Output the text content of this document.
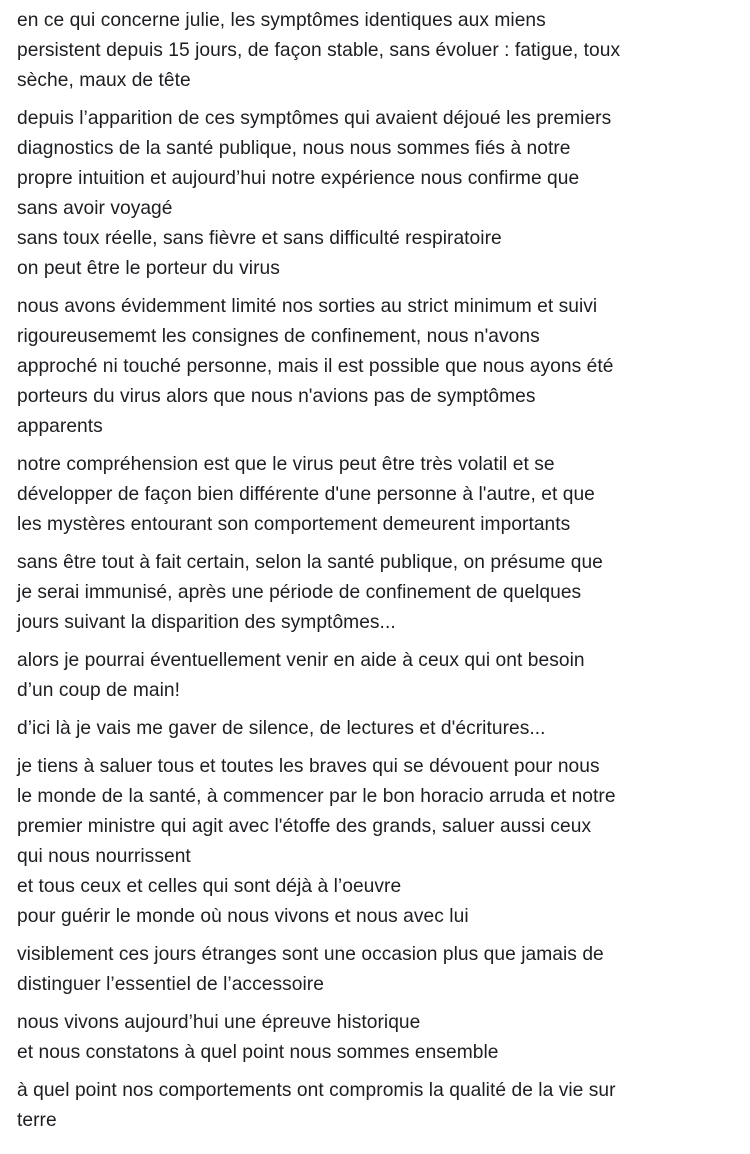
en ce qui concerne julie, les symptômes identiques aux miens
persistent depuis 15 jours, de façon stable, sans évoluer : fatigue, toux
sèche, maux de tête
depuis l’apparition de ces symptômes qui avaient déjoué les premiers
diagnostics de la santé publique, nous nous sommes fiés à notre
propre intuition et aujourd’hui notre expérience nous confirme que
sans avoir voyagé
sans toux réelle, sans fièvre et sans difficulté respiratoire
on peut être le porteur du virus
nous avons évidemment limité nos sorties au strict minimum et suivi
rigoureusememt les consignes de confinement, nous n'avons
approché ni touché personne, mais il est possible que nous ayons été
porteurs du virus alors que nous n'avions pas de symptômes
apparents
notre compréhension est que le virus peut être très volatil et se
développer de façon bien différente d'une personne à l'autre, et que
les mystères entourant son comportement demeurent importants
sans être tout à fait certain, selon la santé publique, on présume que
je serai immunisé, après une période de confinement de quelques
jours suivant la disparition des symptômes...
alors je pourrai éventuellement venir en aide à ceux qui ont besoin
d’un coup de main!
d’ici là je vais me gaver de silence, de lectures et d'écritures...
je tiens à saluer tous et toutes les braves qui se dévouent pour nous
le monde de la santé, à commencer par le bon horacio arruda et notre
premier ministre qui agit avec l'étoffe des grands, saluer aussi ceux
qui nous nourrissent
et tous ceux et celles qui sont déjà à l’oeuvre
pour guérir le monde où nous vivons et nous avec lui
visiblement ces jours étranges sont une occasion plus que jamais de
distinguer l’essentiel de l’accessoire
nous vivons aujourd’hui une épreuve historique
et nous constatons à quel point nous sommes ensemble
à quel point nos comportements ont compromis la qualité de la vie sur
terre
